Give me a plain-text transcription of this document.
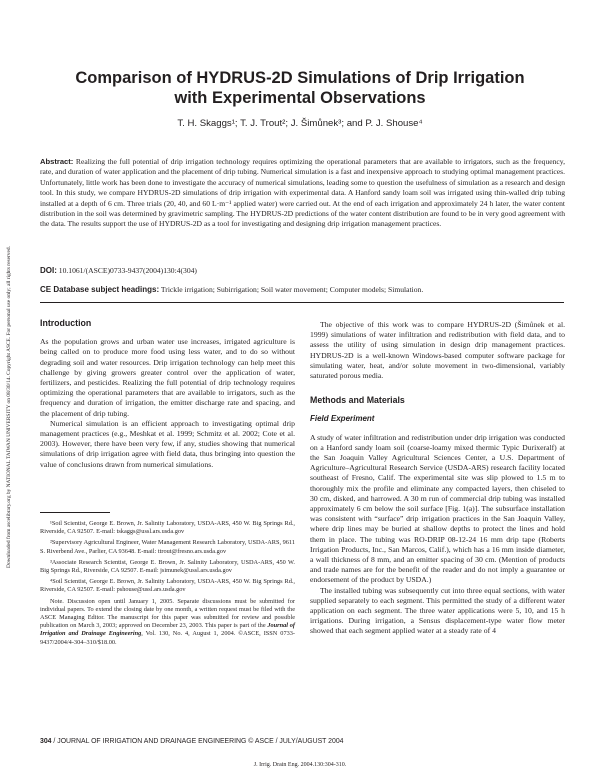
Downloaded from ascelibrary.org by NATIONAL TAIWAN UNIVERSITY on 08/30/14. Copyright ASCE. For personal use only; all rights reserved.
Comparison of HYDRUS-2D Simulations of Drip Irrigation
with Experimental Observations
T. H. Skaggs¹; T. J. Trout²; J. Šimůnek³; and P. J. Shouse⁴
Abstract: Realizing the full potential of drip irrigation technology requires optimizing the operational parameters that are available to irrigators, such as the frequency, rate, and duration of water application and the placement of drip tubing. Numerical simulation is a fast and inexpensive approach to studying optimal management practices. Unfortunately, little work has been done to investigate the accuracy of numerical simulations, leading some to question the usefulness of simulation as a research and design tool. In this study, we compare HYDRUS-2D simulations of drip irrigation with experimental data. A Hanford sandy loam soil was irrigated using thin-walled drip tubing installed at a depth of 6 cm. Three trials (20, 40, and 60 L·m⁻¹ applied water) were carried out. At the end of each irrigation and approximately 24 h later, the water content distribution in the soil was determined by gravimetric sampling. The HYDRUS-2D predictions of the water content distribution are found to be in very good agreement with the data. The results support the use of HYDRUS-2D as a tool for investigating and designing drip irrigation management practices.
DOI: 10.1061/(ASCE)0733-9437(2004)130:4(304)
CE Database subject headings: Trickle irrigation; Subirrigation; Soil water movement; Computer models; Simulation.
Introduction

As the population grows and urban water use increases, irrigated agriculture is being called on to produce more food using less water, and to do so without degrading soil and water resources. Drip irrigation technology can help meet this challenge by giving growers greater control over the application of water, fertilizers, and pesticides. Realizing the full potential of drip technology requires optimizing the operational parameters that are available to irrigators, such as the frequency and duration of irrigation, the emitter discharge rate and spacing, and the placement of drip tubing.

Numerical simulation is an efficient approach to investigating optimal drip management practices (e.g., Meshkat et al. 1999; Schmitz et al. 2002; Cote et al. 2003). However, there have been very few, if any, studies showing that numerical simulations of drip irrigation agree with field data, thus bringing into question the value of conclusions drawn from numerical simulations.

¹Soil Scientist, George E. Brown, Jr. Salinity Laboratory, USDA-ARS, 450 W. Big Springs Rd., Riverside, CA 92507. E-mail: tskaggs@ussl.ars.usda.gov

²Supervisory Agricultural Engineer, Water Management Research Laboratory, USDA-ARS, 9611 S. Riverbend Ave., Parlier, CA 93648. E-mail: ttrout@fresno.ars.usda.gov

³Associate Research Scientist, George E. Brown, Jr. Salinity Laboratory, USDA-ARS, 450 W. Big Springs Rd., Riverside, CA 92507. E-mail: jsimunek@ussl.ars.usda.gov

⁴Soil Scientist, George E. Brown, Jr. Salinity Laboratory, USDA-ARS, 450 W. Big Springs Rd., Riverside, CA 92507. E-mail: pshouse@ussl.ars.usda.gov

Note. Discussion open until January 1, 2005. Separate discussions must be submitted for individual papers. To extend the closing date by one month, a written request must be filed with the ASCE Managing Editor. The manuscript for this paper was submitted for review and possible publication on March 3, 2003; approved on December 23, 2003. This paper is part of the Journal of Irrigation and Drainage Engineering, Vol. 130, No. 4, August 1, 2004. ©ASCE, ISSN 0733-9437/2004/4-304–310/$18.00.

The objective of this work was to compare HYDRUS-2D (Šimůnek et al. 1999) simulations of water infiltration and redistribution with field data, and to assess the utility of using simulation in design drip management practices. HYDRUS-2D is a well-known Windows-based computer software package for simulating water, heat, and/or solute movement in two-dimensional, variably saturated porous media.

Methods and Materials
Field Experiment

A study of water infiltration and redistribution under drip irrigation was conducted on a Hanford sandy loam soil (coarse-loamy mixed thermic Typic Durixeralf) at the San Joaquin Valley Agricultural Sciences Center, a U.S. Department of Agriculture–Agricultural Research Service (USDA-ARS) research facility located southeast of Fresno, Calif. The experimental site was slip plowed to 1.5 m to thoroughly mix the profile and eliminate any compacted layers, then chiseled to 30 cm, disked, and harrowed. A 30 m run of commercial drip tubing was installed approximately 6 cm below the soil surface [Fig. 1(a)]. The subsurface installation was consistent with “surface” drip irrigation practices in the San Joaquin Valley, where drip lines may be buried at shallow depths to protect the lines and hold them in place. The tubing was RO-DRIP 08-12-24 16 mm drip tape (Roberts Irrigation Products, Inc., San Marcos, Calif.), which has a 16 mm inside diameter, a wall thickness of 8 mm, and an emitter spacing of 30 cm. (Mention of products and trade names are for the benefit of the reader and do not imply a guarantee or endorsement of the product by USDA.)

The installed tubing was subsequently cut into three equal sections, with water supplied separately to each segment. This permitted the study of a different water application on each segment. The three water applications were 5, 10, and 15 h irrigations. During irrigation, a Sensus displacement-type water flow meter showed that each segment applied water at a steady rate of 4

304 / JOURNAL OF IRRIGATION AND DRAINAGE ENGINEERING © ASCE / JULY/AUGUST 2004
J. Irrig. Drain Eng. 2004.130:304-310.
